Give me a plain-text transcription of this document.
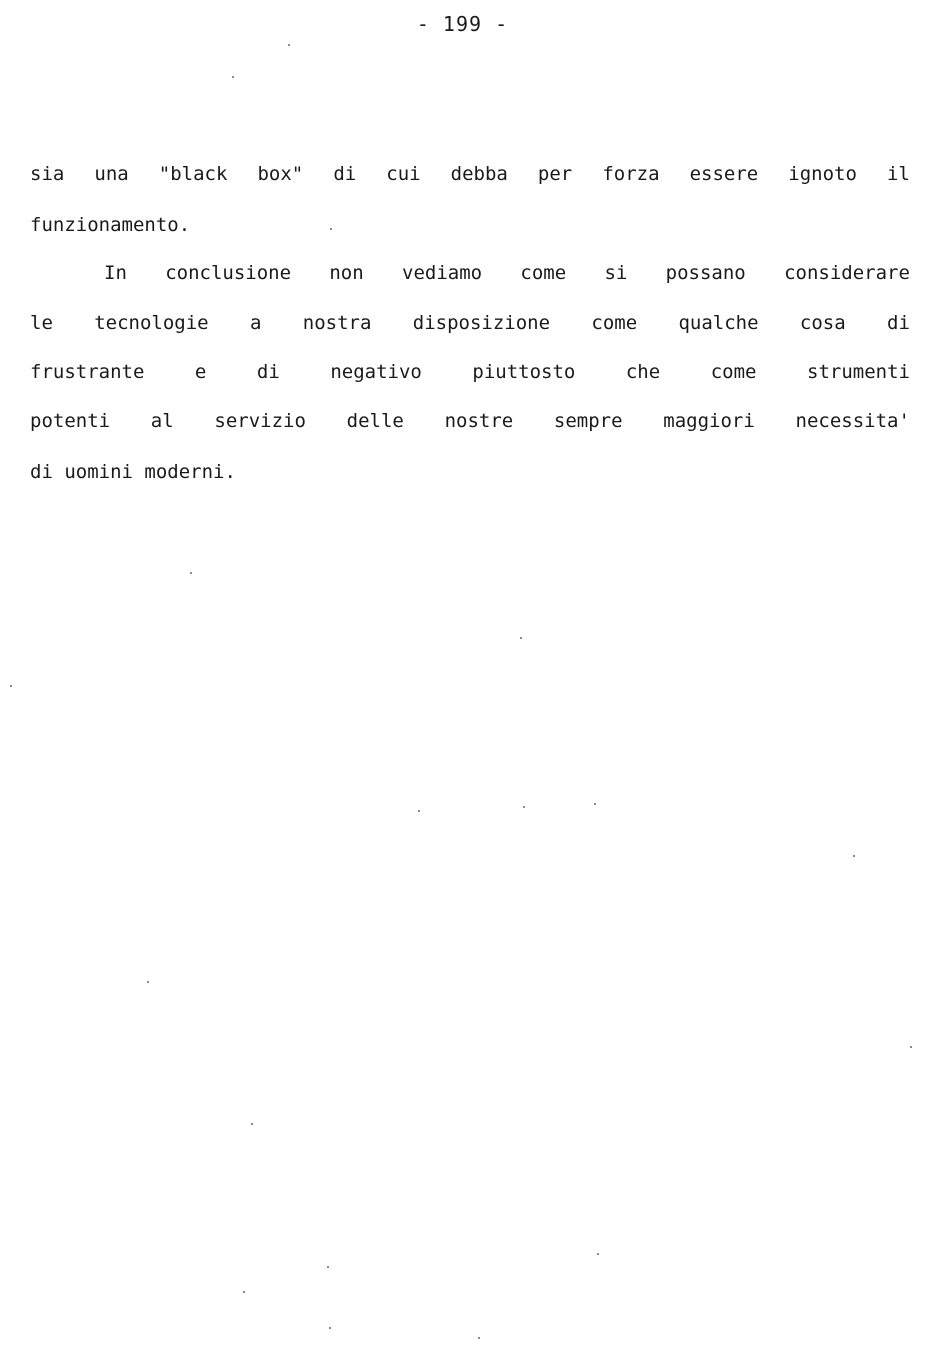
- 199 -
sia una "black box" di cui debba per forza essere ignoto il
funzionamento.
In conclusione non vediamo come si possano considerare
le tecnologie a nostra disposizione come qualche cosa di
frustrante	e	di	negativo	piuttosto	che	come	strumenti
potenti al servizio delle nostre sempre maggiori necessita'
di uomini moderni.
